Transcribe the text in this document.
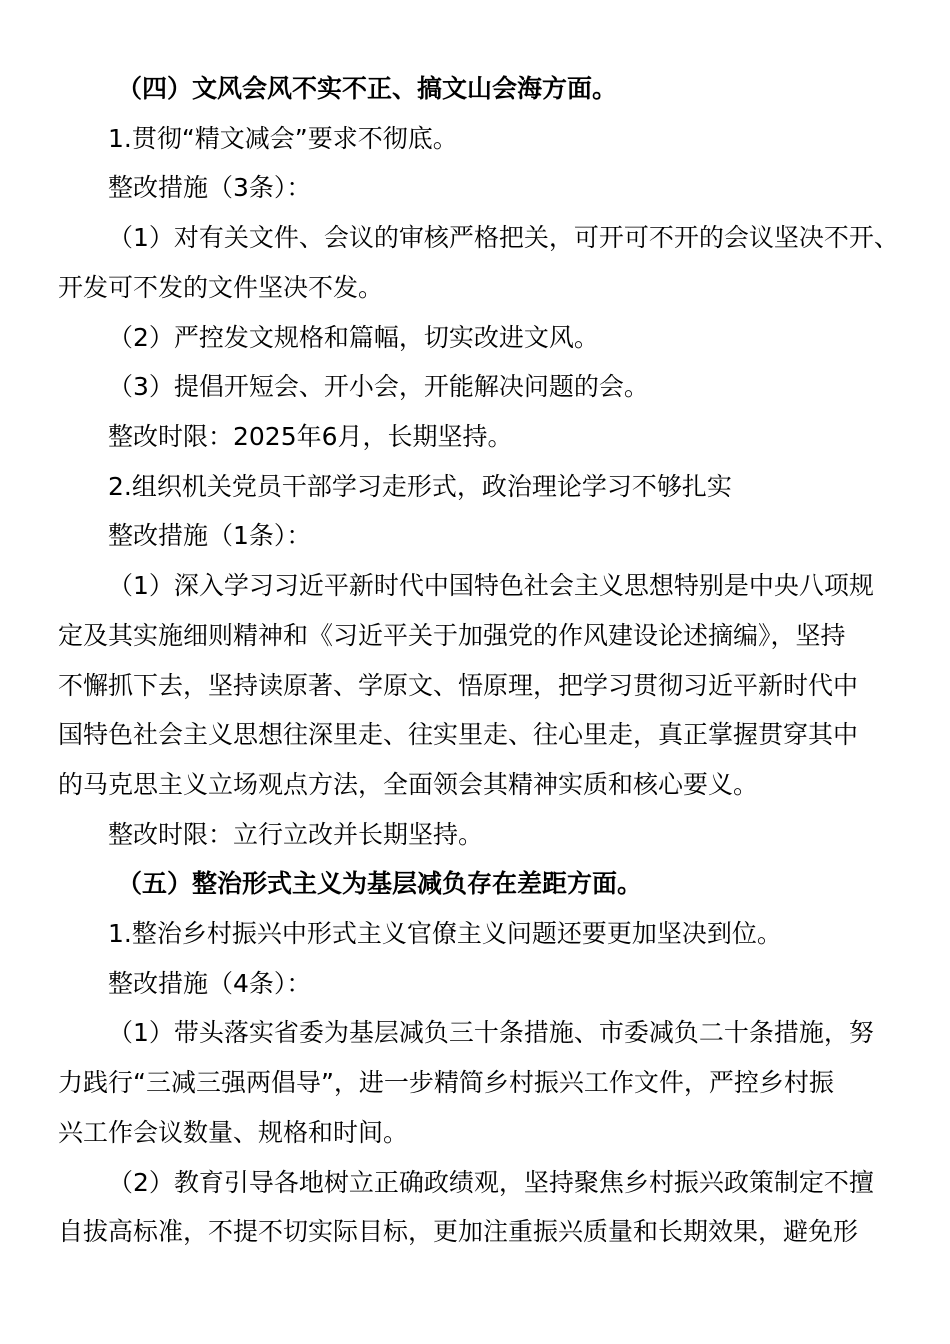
（四）文风会风不实不正、搞文山会海方面。
1.贯彻“精文减会”要求不彻底。
整改措施（3条）：
（1）对有关文件、会议的审核严格把关，可开可不开的会议坚决不开、
开发可不发的文件坚决不发。
（2）严控发文规格和篇幅，切实改进文风。
（3）提倡开短会、开小会，开能解决问题的会。
整改时限：2025年6月，长期坚持。
2.组织机关党员干部学习走形式，政治理论学习不够扎实
整改措施（1条）：
（1）深入学习习近平新时代中国特色社会主义思想特别是中央八项规
定及其实施细则精神和《习近平关于加强党的作风建设论述摘编》，坚持
不懈抓下去，坚持读原著、学原文、悟原理，把学习贯彻习近平新时代中
国特色社会主义思想往深里走、往实里走、往心里走，真正掌握贯穿其中
的马克思主义立场观点方法，全面领会其精神实质和核心要义。
整改时限：立行立改并长期坚持。
（五）整治形式主义为基层减负存在差距方面。
1.整治乡村振兴中形式主义官僚主义问题还要更加坚决到位。
整改措施（4条）：
（1）带头落实省委为基层减负三十条措施、市委减负二十条措施，努
力践行“三减三强两倡导”，进一步精简乡村振兴工作文件，严控乡村振
兴工作会议数量、规格和时间。
（2）教育引导各地树立正确政绩观，坚持聚焦乡村振兴政策制定不擅
自拔高标准，不提不切实际目标，更加注重振兴质量和长期效果，避免形
